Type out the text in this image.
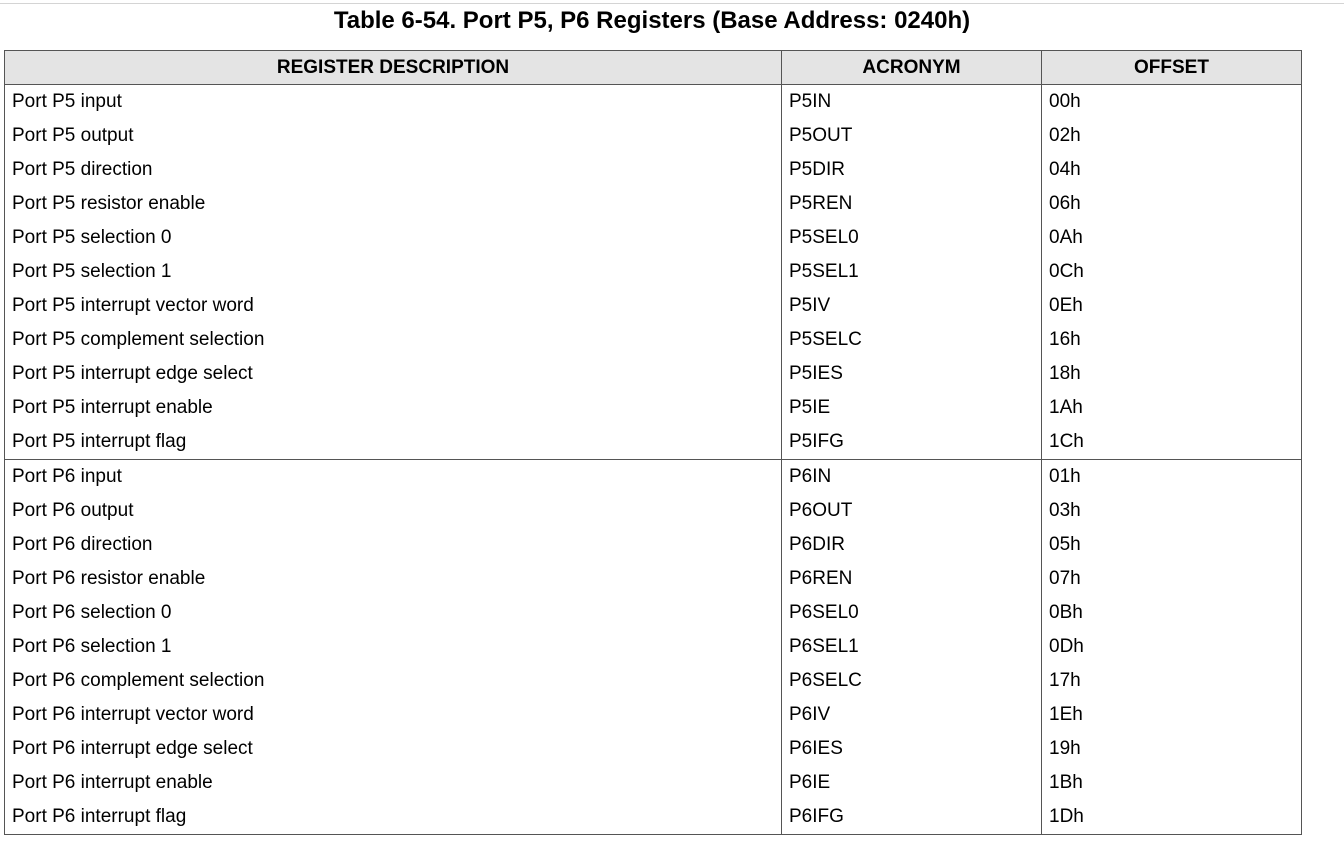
Table 6-54. Port P5, P6 Registers (Base Address: 0240h)
REGISTER DESCRIPTION	ACRONYM	OFFSET
Port P5 input	P5IN	00h
Port P5 output	P5OUT	02h
Port P5 direction	P5DIR	04h
Port P5 resistor enable	P5REN	06h
Port P5 selection 0	P5SEL0	0Ah
Port P5 selection 1	P5SEL1	0Ch
Port P5 interrupt vector word	P5IV	0Eh
Port P5 complement selection	P5SELC	16h
Port P5 interrupt edge select	P5IES	18h
Port P5 interrupt enable	P5IE	1Ah
Port P5 interrupt flag	P5IFG	1Ch
Port P6 input	P6IN	01h
Port P6 output	P6OUT	03h
Port P6 direction	P6DIR	05h
Port P6 resistor enable	P6REN	07h
Port P6 selection 0	P6SEL0	0Bh
Port P6 selection 1	P6SEL1	0Dh
Port P6 complement selection	P6SELC	17h
Port P6 interrupt vector word	P6IV	1Eh
Port P6 interrupt edge select	P6IES	19h
Port P6 interrupt enable	P6IE	1Bh
Port P6 interrupt flag	P6IFG	1Dh
